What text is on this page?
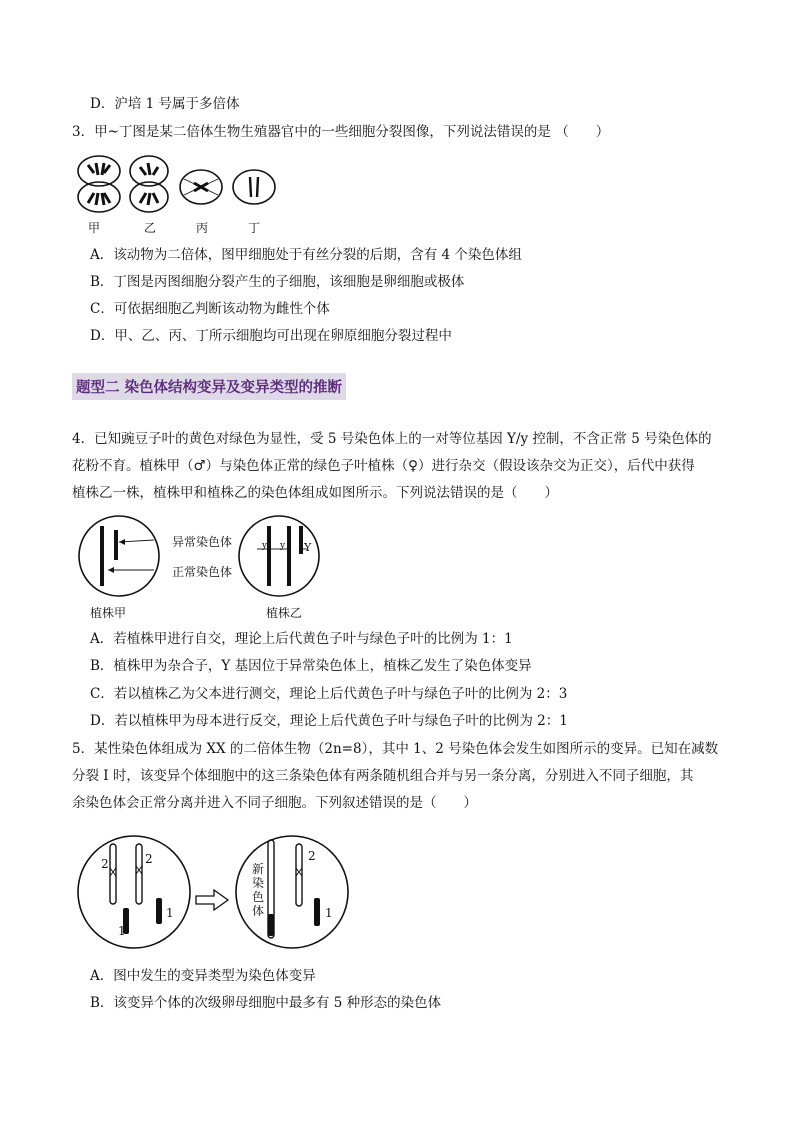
D．沪培 1 号属于多倍体
3．甲~丁图是某二倍体生物生殖器官中的一些细胞分裂图像，下列说法错误的是 （　　）
甲	乙	丙	丁
A．该动物为二倍体，图甲细胞处于有丝分裂的后期，含有 4 个染色体组
B．丁图是丙图细胞分裂产生的子细胞，该细胞是卵细胞或极体
C．可依据细胞乙判断该动物为雌性个体
D．甲、乙、丙、丁所示细胞均可出现在卵原细胞分裂过程中
题型二 染色体结构变异及变异类型的推断
4．已知豌豆子叶的黄色对绿色为显性，受 5 号染色体上的一对等位基因 Y/y 控制，不含正常 5 号染色体的
花粉不育。植株甲（♂）与染色体正常的绿色子叶植株（♀）进行杂交（假设该杂交为正交），后代中获得
植株乙一株，植株甲和植株乙的染色体组成如图所示。下列说法错误的是（　　）
异常染色体
正常染色体
y y Y
植株甲	植株乙
A．若植株甲进行自交，理论上后代黄色子叶与绿色子叶的比例为 1：1
B．植株甲为杂合子，Y 基因位于异常染色体上，植株乙发生了染色体变异
C．若以植株乙为父本进行测交，理论上后代黄色子叶与绿色子叶的比例为 2：3
D．若以植株甲为母本进行反交，理论上后代黄色子叶与绿色子叶的比例为 2：1
5．某性染色体组成为 XX 的二倍体生物（2n=8），其中 1、2 号染色体会发生如图所示的变异。已知在减数
分裂 I 时，该变异个体细胞中的这三条染色体有两条随机组合并与另一条分离，分别进入不同子细胞，其
余染色体会正常分离并进入不同子细胞。下列叙述错误的是（　　）
2	2
1
1
2
1
新
染
色
体
A．图中发生的变异类型为染色体变异
B．该变异个体的次级卵母细胞中最多有 5 种形态的染色体
